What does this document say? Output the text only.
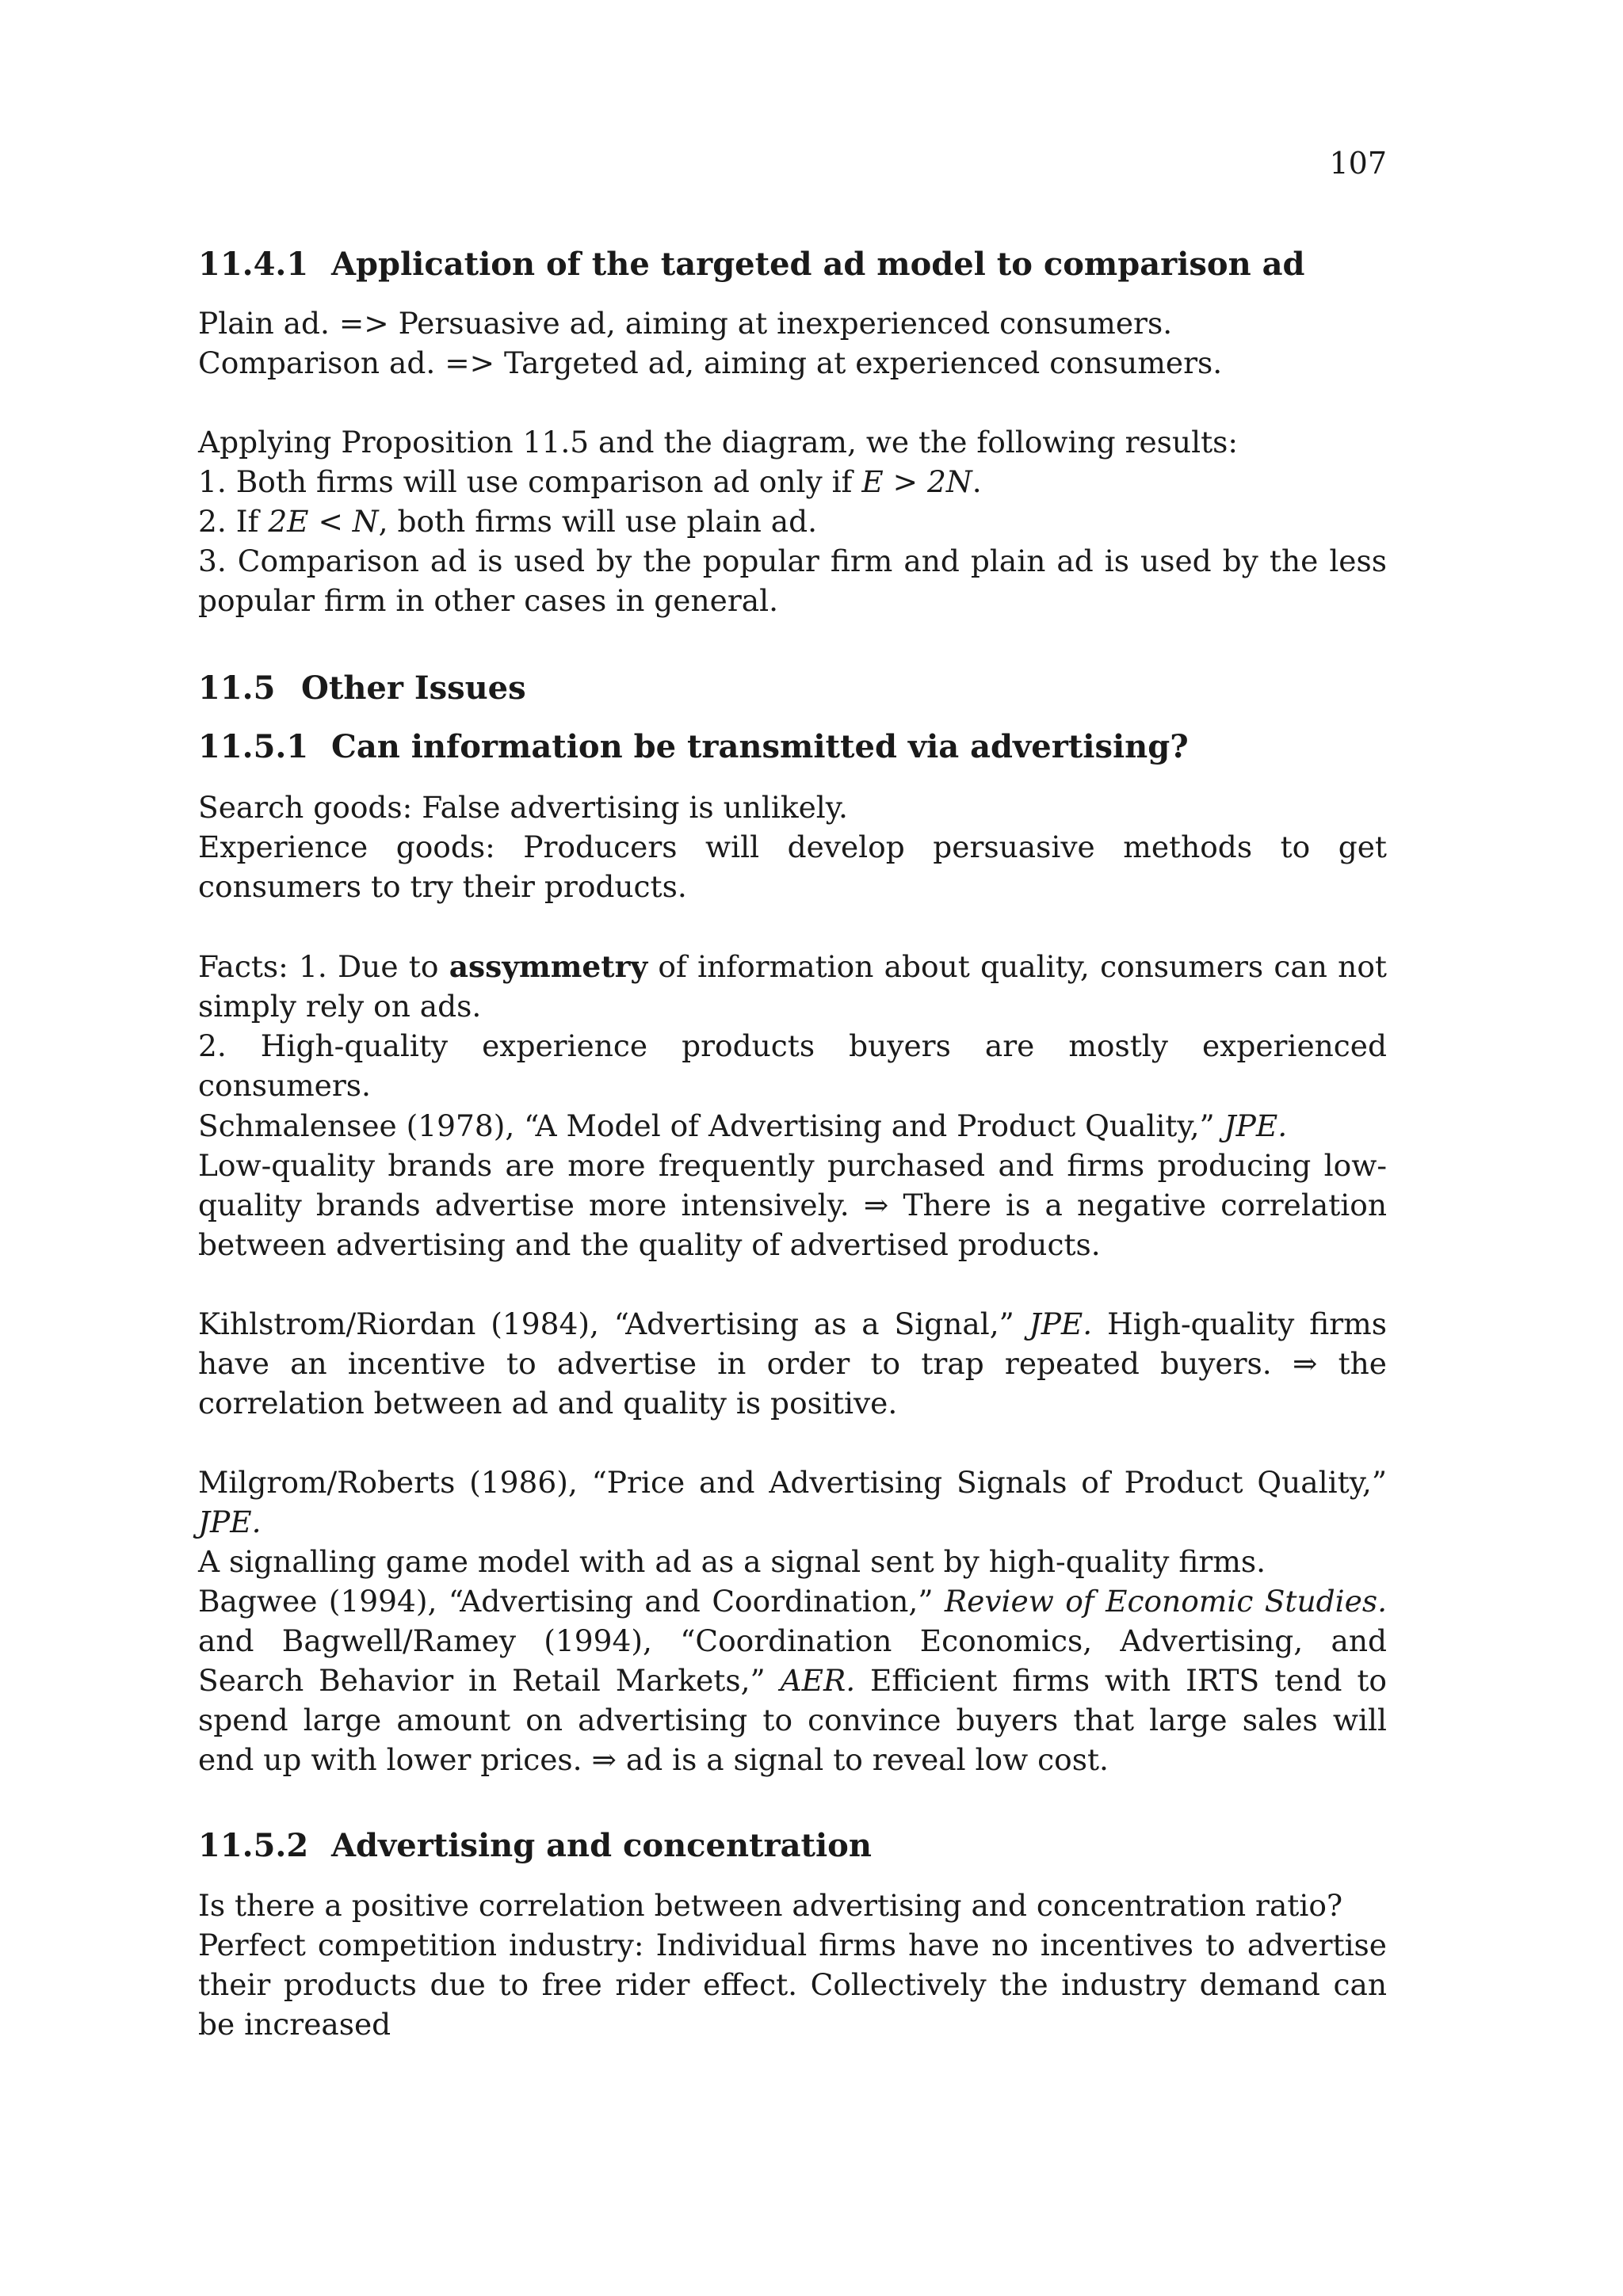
107
11.4.1 Application of the targeted ad model to comparison ad

Plain ad. => Persuasive ad, aiming at inexperienced consumers.
Comparison ad. => Targeted ad, aiming at experienced consumers.

Applying Proposition 11.5 and the diagram, we the following results:
1. Both firms will use comparison ad only if E > 2N.
2. If 2E < N, both firms will use plain ad.
3. Comparison ad is used by the popular firm and plain ad is used by the less popular firm in other cases in general.

11.5 Other Issues
11.5.1 Can information be transmitted via advertising?

Search goods: False advertising is unlikely.
Experience goods: Producers will develop persuasive methods to get consumers to try their products.

Facts: 1. Due to assymmetry of information about quality, consumers can not simply rely on ads.
2. High-quality experience products buyers are mostly experienced consumers.

Schmalensee (1978), “A Model of Advertising and Product Quality,” JPE.
Low-quality brands are more frequently purchased and firms producing low-quality brands advertise more intensively. ⇒ There is a negative correlation between advertising and the quality of advertised products.

Kihlstrom/Riordan (1984), “Advertising as a Signal,” JPE. High-quality firms have an incentive to advertise in order to trap repeated buyers. ⇒ the correlation between ad and quality is positive.

Milgrom/Roberts (1986), “Price and Advertising Signals of Product Quality,” JPE.
A signalling game model with ad as a signal sent by high-quality firms.

Bagwee (1994), “Advertising and Coordination,” Review of Economic Studies. and Bagwell/Ramey (1994), “Coordination Economics, Advertising, and Search Behavior in Retail Markets,” AER. Efficient firms with IRTS tend to spend large amount on advertising to convince buyers that large sales will end up with lower prices. ⇒ ad is a signal to reveal low cost.

11.5.2 Advertising and concentration

Is there a positive correlation between advertising and concentration ratio?
Perfect competition industry: Individual firms have no incentives to advertise their products due to free rider effect. Collectively the industry demand can be increased
